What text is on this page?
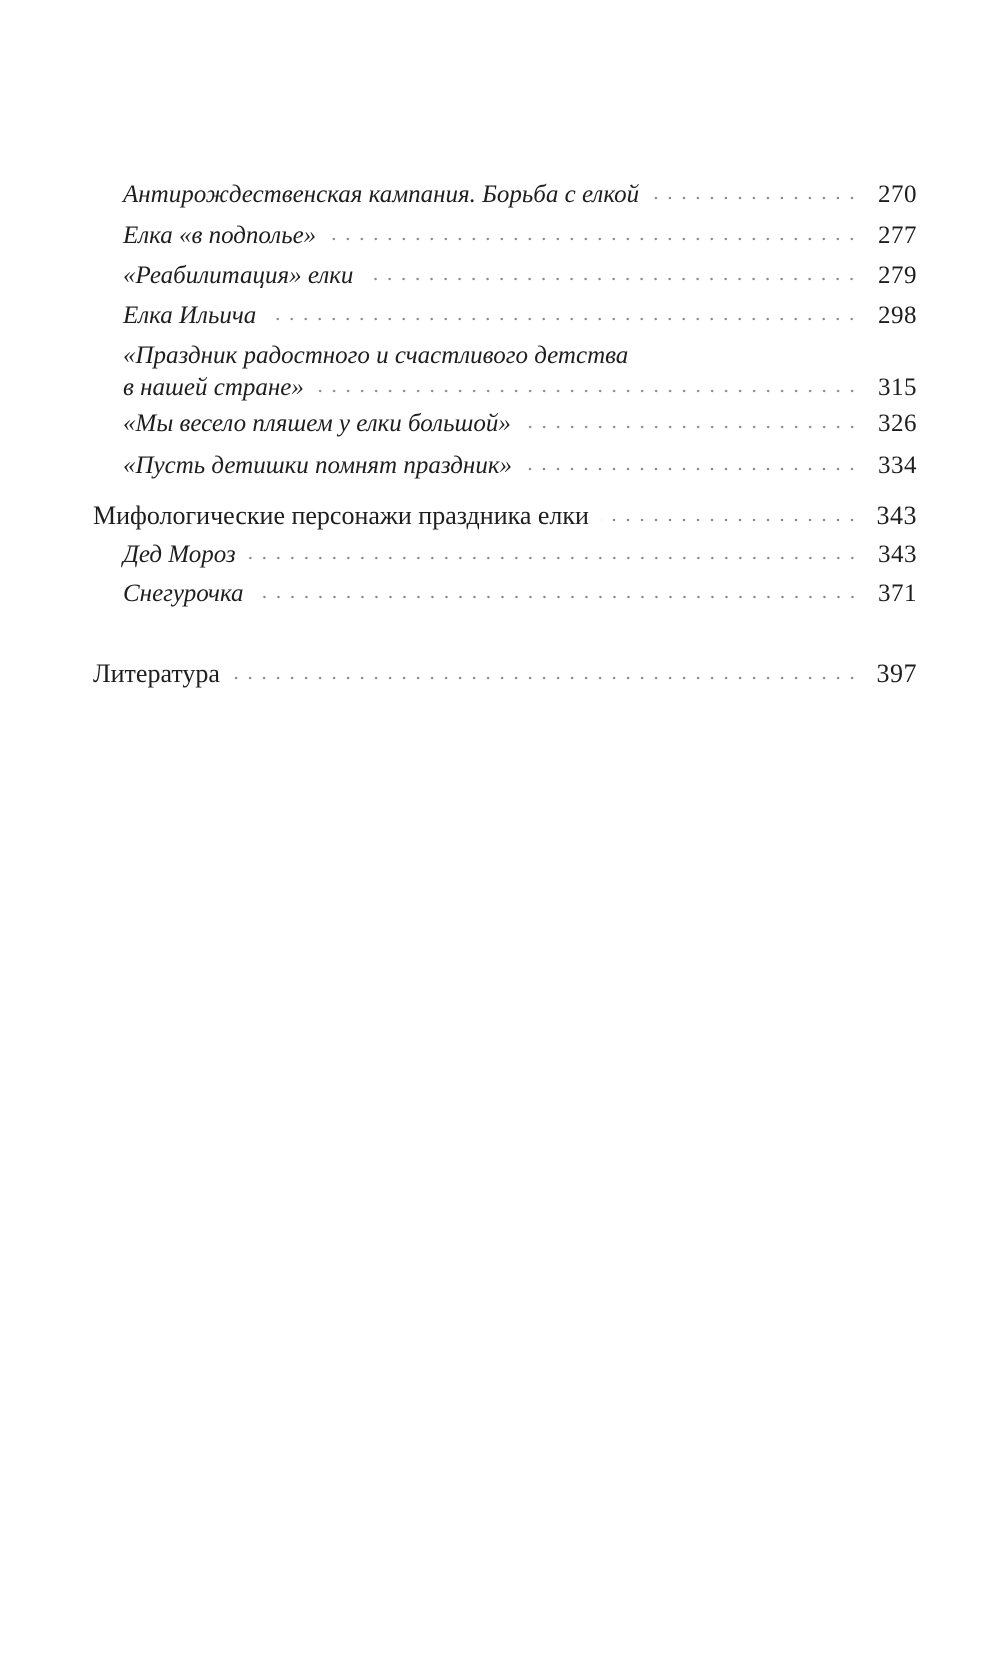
Антирождественская кампания. Борьба с елкой	270
Елка «в подполье»	277
«Реабилитация» елки	279
Елка Ильича	298
«Праздник радостного и счастливого детства
в нашей стране»	315
«Мы весело пляшем у елки большой»	326
«Пусть детишки помнят праздник»	334
Мифологические персонажи праздника елки	343
Дед Мороз	343
Снегурочка	371
Литература	397
